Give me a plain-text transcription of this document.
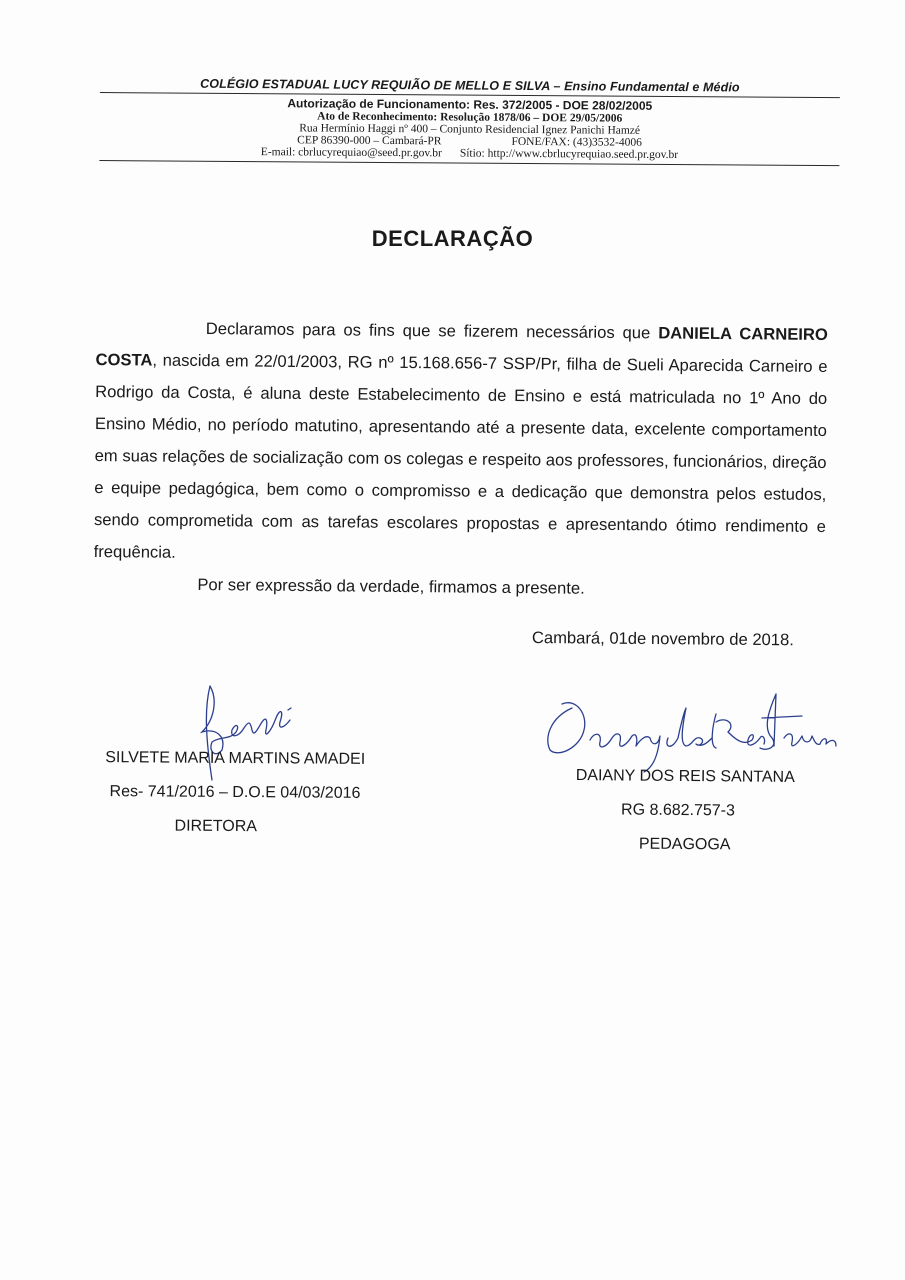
COLÉGIO ESTADUAL LUCY REQUIÃO DE MELLO E SILVA – Ensino Fundamental e Médio

Autorização de Funcionamento: Res. 372/2005 - DOE 28/02/2005

Ato de Reconhecimento: Resolução 1878/06 – DOE 29/05/2006

Rua Hermínio Haggi nº 400 – Conjunto Residencial Ignez Panichi Hamzé

CEP 86390-000 – Cambará-PR	FONE/FAX: (43)3532-4006
E-mail: cbrlucyrequiao@seed.pr.gov.br Sítio: http://www.cbrlucyrequiao.seed.pr.gov.br
DECLARAÇÃO

Declaramos para os fins que se fizerem necessários que DANIELA CARNEIRO COSTA, nascida em 22/01/2003, RG nº 15.168.656-7 SSP/Pr, filha de Sueli Aparecida Carneiro e Rodrigo da Costa, é aluna deste Estabelecimento de Ensino e está matriculada no 1º Ano do Ensino Médio, no período matutino, apresentando até a presente data, excelente comportamento em suas relações de socialização com os colegas e respeito aos professores, funcionários, direção e equipe pedagógica, bem como o compromisso e a dedicação que demonstra pelos estudos, sendo comprometida com as tarefas escolares propostas e apresentando ótimo rendimento e frequência.

Por ser expressão da verdade, firmamos a presente.

Cambará, 01de novembro de 2018.
SILVETE MARIA MARTINS AMADEI
Res- 741/2016 – D.O.E 04/03/2016
DIRETORA
DAIANY DOS REIS SANTANA
RG 8.682.757-3
PEDAGOGA
